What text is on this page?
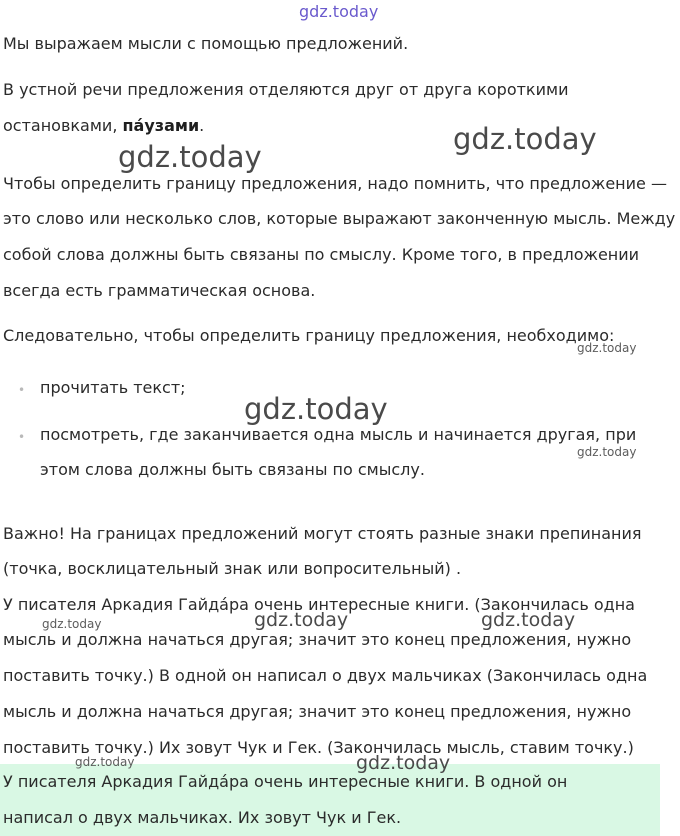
gdz.today

Мы выражаем мысли с помощью предложений.

В устной речи предложения отделяются друг от друга короткими

остановками, па́узами.

Чтобы определить границу предложения, надо помнить, что предложение —

это слово или несколько слов, которые выражают законченную мысль. Между

собой слова должны быть связаны по смыслу. Кроме того, в предложении

всегда есть грамматическая основа.

Следовательно, чтобы определить границу предложения, необходимо:

• прочитать текст;

• посмотреть, где заканчивается одна мысль и начинается другая, при

этом слова должны быть связаны по смыслу.

Важно! На границах предложений могут стоять разные знаки препинания

(точка, восклицательный знак или вопросительный) .

У писателя Аркадия Гайда́ра очень интересные книги. (Закончилась одна

мысль и должна начаться другая; значит это конец предложения, нужно

поставить точку.) В одной он написал о двух мальчиках (Закончилась одна

мысль и должна начаться другая; значит это конец предложения, нужно

поставить точку.) Их зовут Чук и Гек. (Закончилась мысль, ставим точку.)

У писателя Аркадия Гайда́ра очень интересные книги. В одной он

написал о двух мальчиках. Их зовут Чук и Гек.

gdz.today
gdz.today
gdz.today
gdz.today
gdz.today
gdz.today	gdz.today	gdz.today
gdz.today	gdz.today
